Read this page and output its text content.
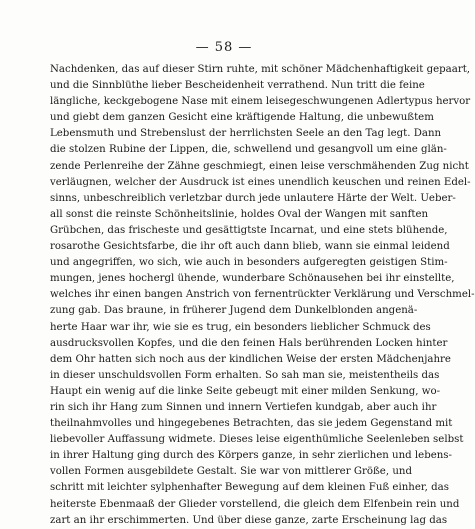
— 58 —
Nachdenken, das auf dieser Stirn ruhte, mit schöner Mädchenhaftigkeit gepaart,
und die Sinnblüthe lieber Bescheidenheit verrathend. Nun tritt die feine
längliche, keckgebogene Nase mit einem leisegeschwungenen Adlertypus hervor
und giebt dem ganzen Gesicht eine kräftigende Haltung, die unbewußtem
Lebensmuth und Strebenslust der herrlichsten Seele an den Tag legt. Dann
die stolzen Rubine der Lippen, die, schwellend und gesangvoll um eine glän-
zende Perlenreihe der Zähne geschmiegt, einen leise verschmähenden Zug nicht
verläugnen, welcher der Ausdruck ist eines unendlich keuschen und reinen Edel-
sinns, unbeschreiblich verletzbar durch jede unlautere Härte der Welt. Ueber-
all sonst die reinste Schönheitslinie, holdes Oval der Wangen mit sanften
Grübchen, das frischeste und gesättigtste Incarnat, und eine stets blühende,
rosarothe Gesichtsfarbe, die ihr oft auch dann blieb, wann sie einmal leidend
und angegriffen, wo sich, wie auch in besonders aufgeregten geistigen Stim-
mungen, jenes hochergl ühende, wunderbare Schönausehen bei ihr einstellte,
welches ihr einen bangen Anstrich von fernentrückter Verklärung und Verschmel-
zung gab. Das braune, in früherer Jugend dem Dunkelblonden angenä-
herte Haar war ihr, wie sie es trug, ein besonders lieblicher Schmuck des
ausdrucksvollen Kopfes, und die den feinen Hals berührenden Locken hinter
dem Ohr hatten sich noch aus der kindlichen Weise der ersten Mädchenjahre
in dieser unschuldsvollen Form erhalten. So sah man sie, meistentheils das
Haupt ein wenig auf die linke Seite gebeugt mit einer milden Senkung, wo-
rin sich ihr Hang zum Sinnen und innern Vertiefen kundgab, aber auch ihr
theilnahmvolles und hingegebenes Betrachten, das sie jedem Gegenstand mit
liebevoller Auffassung widmete. Dieses leise eigenthümliche Seelenleben selbst
in ihrer Haltung ging durch des Körpers ganze, in sehr zierlichen und lebens-
vollen Formen ausgebildete Gestalt. Sie war von mittlerer Größe, und
schritt mit leichter sylphenhafter Bewegung auf dem kleinen Fuß einher, das
heiterste Ebenmaaß der Glieder vorstellend, die gleich dem Elfenbein rein und
zart an ihr erschimmerten. Und über diese ganze, zarte Erscheinung lag das
